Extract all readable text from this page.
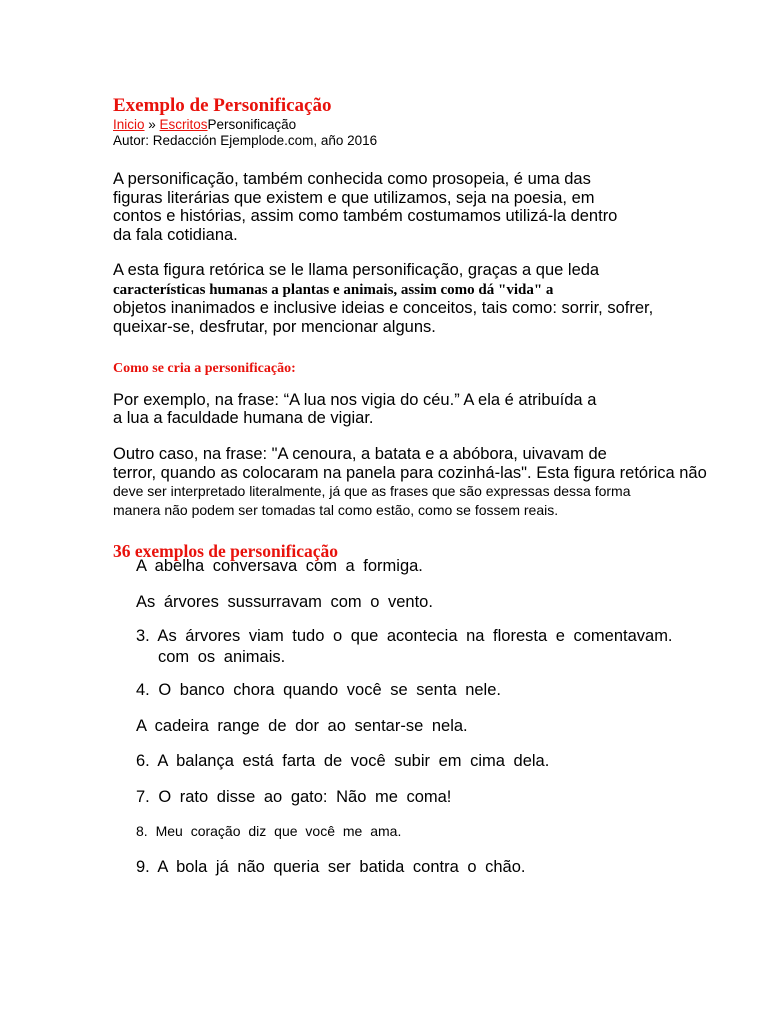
Exemplo de Personificação
Inicio » EscritosPersonificação
Autor: Redacción Ejemplode.com, año 2016

A personificação, também conhecida como prosopeia, é uma das
figuras literárias que existem e que utilizamos, seja na poesia, em
contos e histórias, assim como também costumamos utilizá-la dentro
da fala cotidiana.

A esta figura retórica se le llama personificação, graças a que leda
características humanas a plantas e animais, assim como dá "vida" a
objetos inanimados e inclusive ideias e conceitos, tais como: sorrir, sofrer,
queixar-se, desfrutar, por mencionar alguns.

Como se cria a personificação:

Por exemplo, na frase: “A lua nos vigia do céu.” A ela é atribuída a
a lua a faculdade humana de vigiar.

Outro caso, na frase: "A cenoura, a batata e a abóbora, uivavam de
terror, quando as colocaram na panela para cozinhá-las". Esta figura retórica não
deve ser interpretado literalmente, já que as frases que são expressas dessa forma
manera não podem ser tomadas tal como estão, como se fossem reais.

36 exemplos de personificação
A abelha conversava com a formiga.
As árvores sussurravam com o vento.
3. As árvores viam tudo o que acontecia na floresta e comentavam.
com os animais.
4. O banco chora quando você se senta nele.
A cadeira range de dor ao sentar-se nela.
6. A balança está farta de você subir em cima dela.
7. O rato disse ao gato: Não me coma!
8. Meu coração diz que você me ama.
9. A bola já não queria ser batida contra o chão.
